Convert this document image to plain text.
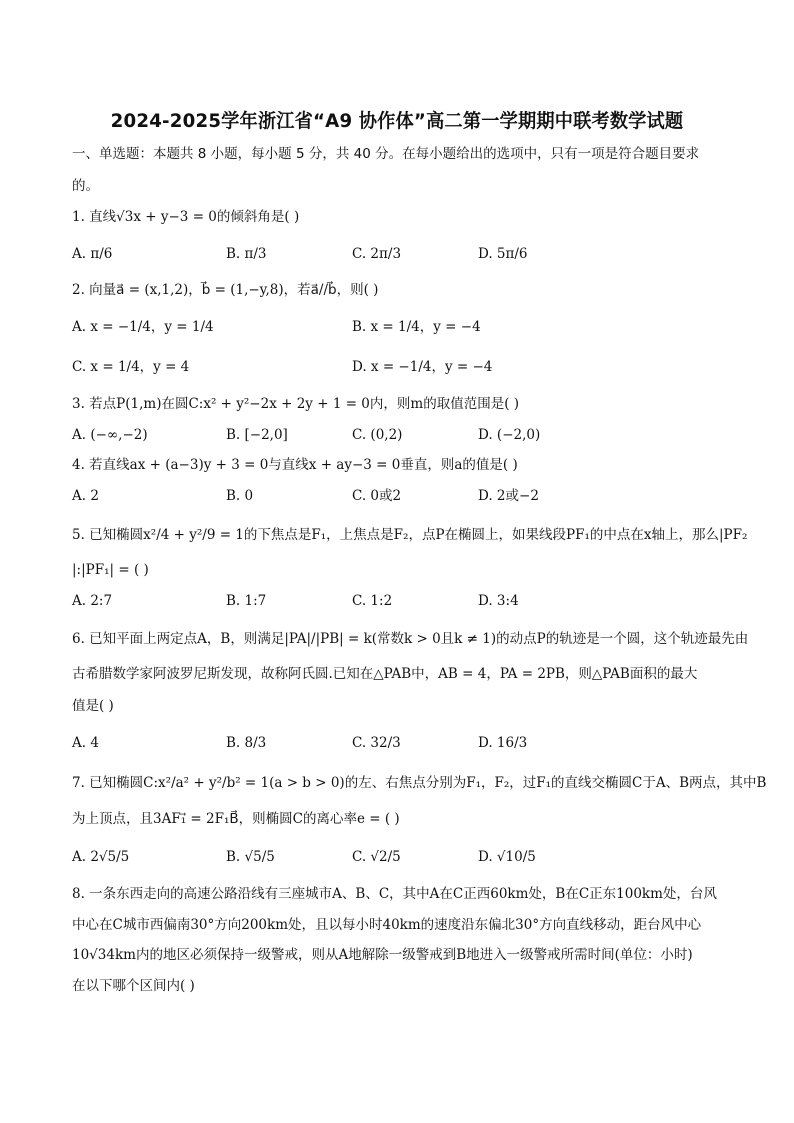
2024-2025学年浙江省“A9 协作体”高二第一学期期中联考数学试题
一、单选题：本题共 8 小题，每小题 5 分，共 40 分。在每小题给出的选项中，只有一项是符合题目要求
的。
1. 直线√3x + y−3 = 0的倾斜角是( )
A. π/6	B. π/3	C. 2π/3	D. 5π/6
2. 向量a⃗ = (x,1,2)，b⃗ = (1,−y,8)，若a⃗//b⃗，则( )
A. x = −1/4，y = 1/4	B. x = 1/4，y = −4
C. x = 1/4，y = 4	D. x = −1/4，y = −4
3. 若点P(1,m)在圆C:x² + y²−2x + 2y + 1 = 0内，则m的取值范围是( )
A. (−∞,−2)	B. [−2,0]	C. (0,2)	D. (−2,0)
4. 若直线ax + (a−3)y + 3 = 0与直线x + ay−3 = 0垂直，则a的值是( )
A. 2	B. 0	C. 0或2	D. 2或−2
5. 已知椭圆x²/4 + y²/9 = 1的下焦点是F₁，上焦点是F₂，点P在椭圆上，如果线段PF₁的中点在x轴上，那么|PF₂
|:|PF₁| = ( )
A. 2:7	B. 1:7	C. 1:2	D. 3:4
6. 已知平面上两定点A，B，则满足|PA|/|PB| = k(常数k > 0且k ≠ 1)的动点P的轨迹是一个圆，这个轨迹最先由
古希腊数学家阿波罗尼斯发现，故称阿氏圆.已知在△PAB中，AB = 4，PA = 2PB，则△PAB面积的最大
值是( )
A. 4	B. 8/3	C. 32/3	D. 16/3
7. 已知椭圆C:x²/a² + y²/b² = 1(a > b > 0)的左、右焦点分别为F₁，F₂，过F₁的直线交椭圆C于A、B两点，其中B
为上顶点，且3AF₁⃗ = 2F₁B⃗，则椭圆C的离心率e = ( )
A. 2√5/5	B. √5/5	C. √2/5	D. √10/5
8. 一条东西走向的高速公路沿线有三座城市A、B、C，其中A在C正西60km处，B在C正东100km处，台风
中心在C城市西偏南30°方向200km处，且以每小时40km的速度沿东偏北30°方向直线移动，距台风中心
10√34km内的地区必须保持一级警戒，则从A地解除一级警戒到B地进入一级警戒所需时间(单位：小时)
在以下哪个区间内( )
